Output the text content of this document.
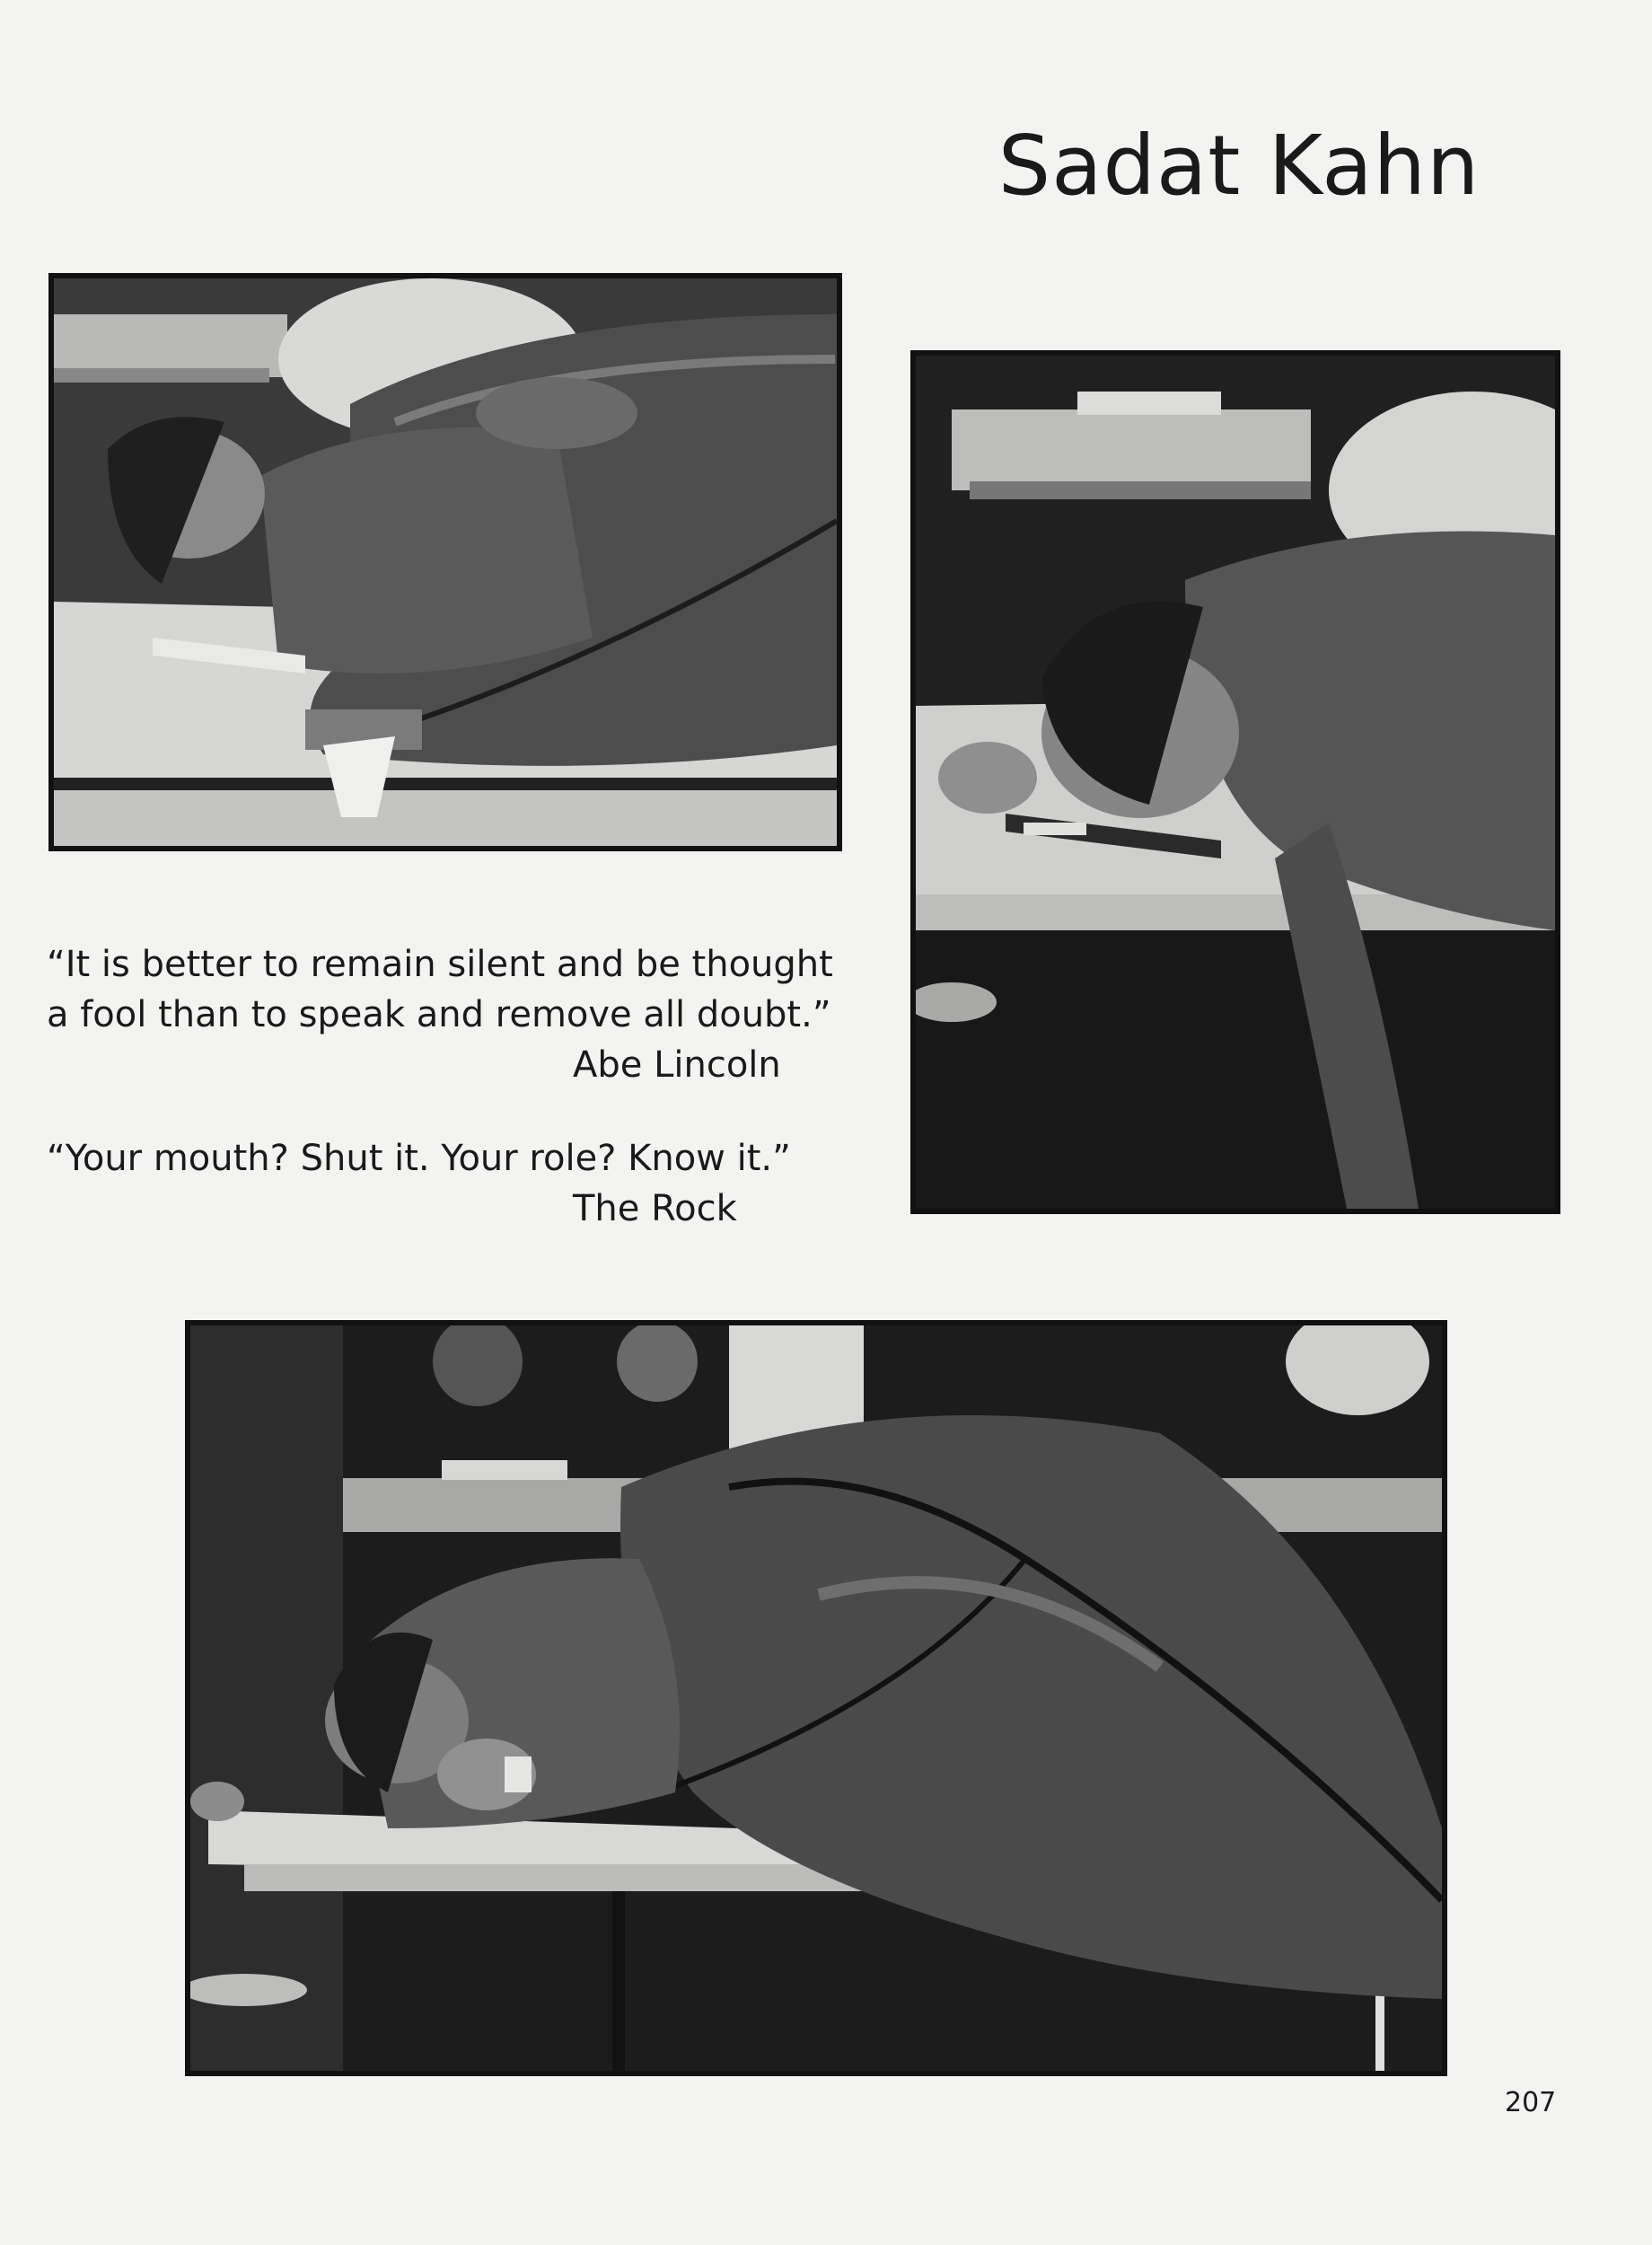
Sadat Kahn
“It is better to remain silent and be thought a fool than to speak and remove all doubt.”
Abe Lincoln
“Your mouth? Shut it. Your role? Know it.”
The Rock
207
